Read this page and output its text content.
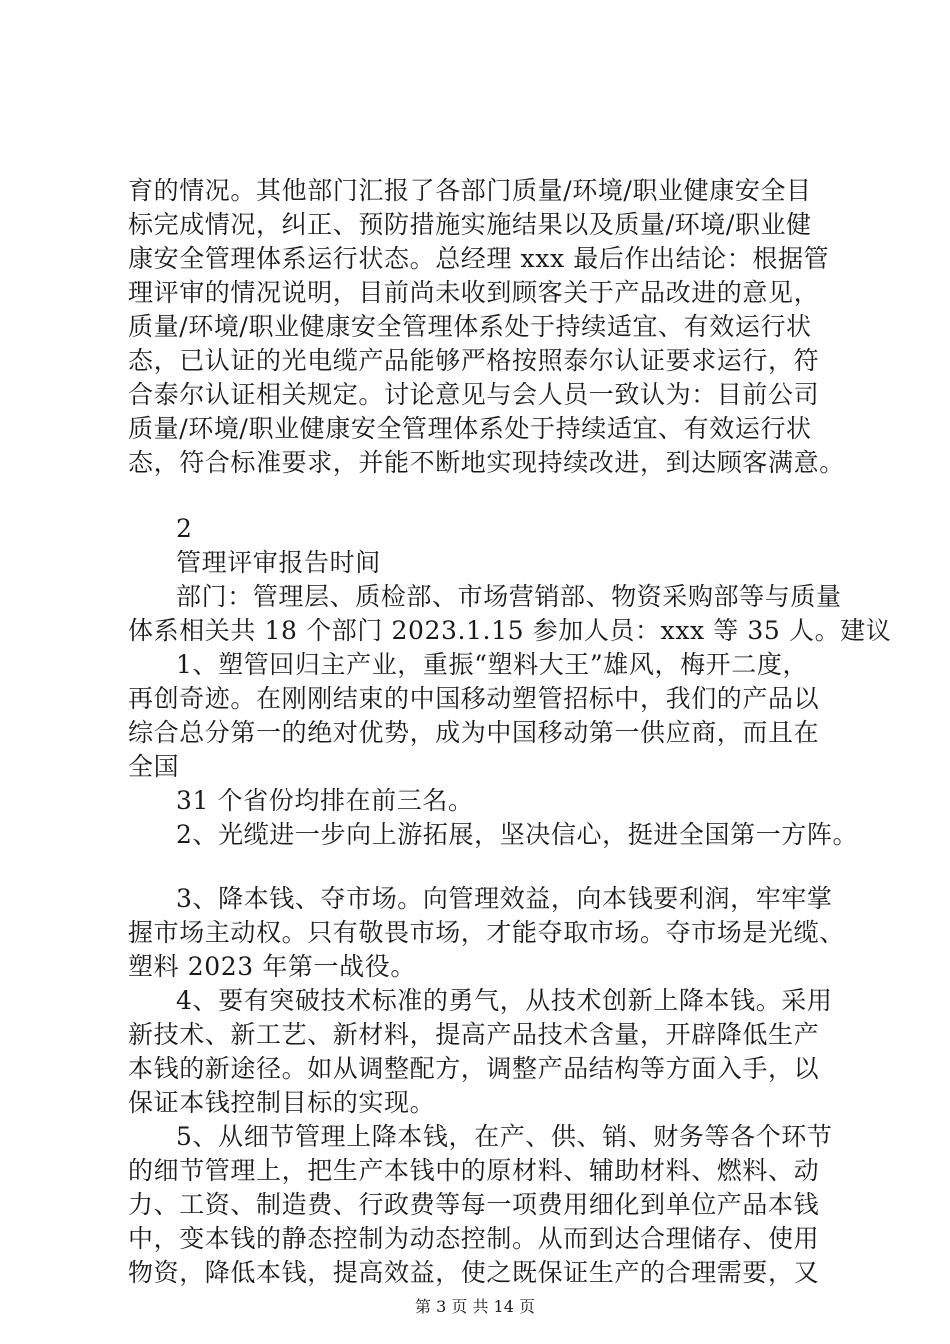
育的情况。其他部门汇报了各部门质量/环境/职业健康安全目
标完成情况，纠正、预防措施实施结果以及质量/环境/职业健
康安全管理体系运行状态。总经理 xxx 最后作出结论：根据管
理评审的情况说明，目前尚未收到顾客关于产品改进的意见，
质量/环境/职业健康安全管理体系处于持续适宜、有效运行状
态，已认证的光电缆产品能够严格按照泰尔认证要求运行，符
合泰尔认证相关规定。讨论意见与会人员一致认为：目前公司
质量/环境/职业健康安全管理体系处于持续适宜、有效运行状
态，符合标准要求，并能不断地实现持续改进，到达顾客满意。
2
管理评审报告时间
部门：管理层、质检部、市场营销部、物资采购部等与质量
体系相关共 18 个部门 2023.1.15 参加人员：xxx 等 35 人。建议
1、塑管回归主产业，重振“塑料大王”雄风，梅开二度，
再创奇迹。在刚刚结束的中国移动塑管招标中，我们的产品以
综合总分第一的绝对优势，成为中国移动第一供应商，而且在
全国
31 个省份均排在前三名。
2、光缆进一步向上游拓展，坚决信心，挺进全国第一方阵。
3、降本钱、夺市场。向管理效益，向本钱要利润，牢牢掌
握市场主动权。只有敬畏市场，才能夺取市场。夺市场是光缆、
塑料 2023 年第一战役。
4、要有突破技术标准的勇气，从技术创新上降本钱。采用
新技术、新工艺、新材料，提高产品技术含量，开辟降低生产
本钱的新途径。如从调整配方，调整产品结构等方面入手，以
保证本钱控制目标的实现。
5、从细节管理上降本钱，在产、供、销、财务等各个环节
的细节管理上，把生产本钱中的原材料、辅助材料、燃料、动
力、工资、制造费、行政费等每一项费用细化到单位产品本钱
中，变本钱的静态控制为动态控制。从而到达合理储存、使用
物资，降低本钱，提高效益，使之既保证生产的合理需要，又
第 3 页 共 14 页
